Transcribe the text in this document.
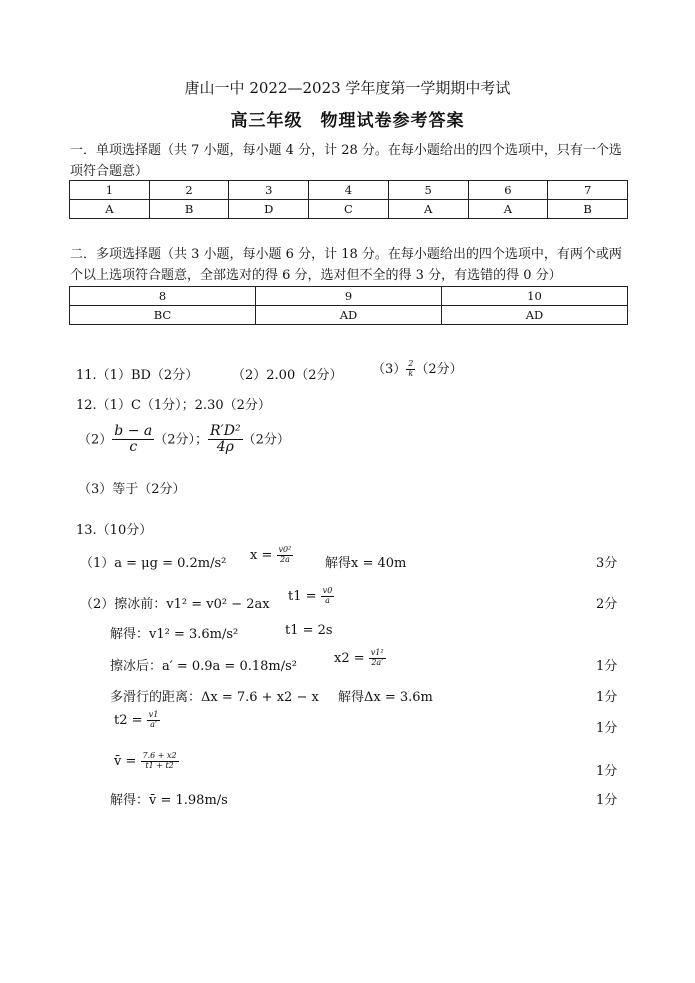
唐山一中 2022—2023 学年度第一学期期中考试
高三年级　物理试卷参考答案
一．单项选择题（共 7 小题，每小题 4 分，计 28 分。在每小题给出的四个选项中，只有一个选项符合题意）
1	2	3	4	5	6	7
A	B	D	C	A	A	B
二．多项选择题（共 3 小题，每小题 6 分，计 18 分。在每小题给出的四个选项中，有两个或两个以上选项符合题意，全部选对的得 6 分，选对但不全的得 3 分，有选错的得 0 分）
8	9	10
BC	AD	AD
11.（1）BD（2分）	（2）2.00（2分） $(3) \frac{2}{k} (2$分）
12.（1）C（1分）；2.30（2分）
$(2) \frac{b - a}{c} (2$分）； $\frac{\text{R′D²}}{4\rho} (2$分）
（3）等于（2分）
13.（10分）
（1）a = μg = 0.2m/s²
$x = \frac{\text{v0²}}{2a}$ 解得x = 40m	3分
（2）擦冰前：v1² = v0² − 2ax
$t1 = \frac{v0}{a}$	2分
解得：v1² = 3.6m/s²	t1 = 2s
擦冰后：a′ = 0.9a = 0.18m/s²
$x2 = \frac{\text{v1²}}{2a'}$	1分
多滑行的距离：Δx = 7.6 + x2 − x 解得Δx = 3.6m	1分
$t2 = \frac{v1}{a'}$	1分
v̄ = $\frac{7.6 + x2}{t1 + t2}$
1分
解得：v̄ = 1.98m/s	1分
